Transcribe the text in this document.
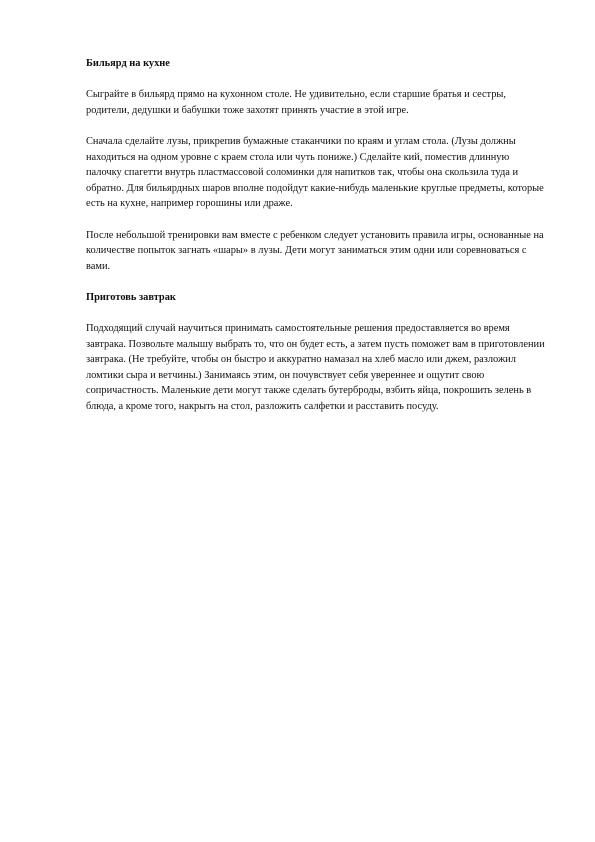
Бильярд на кухне
Сыграйте в бильярд прямо на кухонном столе. Не удивительно, если старшие братья и сестры, родители, дедушки и бабушки тоже захотят принять участие в этой игре.
Сначала сделайте лузы, прикрепив бумажные стаканчики по краям и углам стола. (Лузы должны находиться на одном уровне с краем стола или чуть пониже.) Сделайте кий, поместив длинную палочку спагетти внутрь пластмассовой соломинки для напитков так, чтобы она скользила туда и обратно. Для бильярдных шаров вполне подойдут какие-нибудь маленькие круглые предметы, которые есть на кухне, например горошины или драже.
После небольшой тренировки вам вместе с ребенком следует установить правила игры, основанные на количестве попыток загнать «шары» в лузы. Дети могут заниматься этим одни или соревноваться с вами.
Приготовь завтрак
Подходящий случай научиться принимать самостоятельные решения предоставляется во время завтрака. Позвольте малышу выбрать то, что он будет есть, а затем пусть поможет вам в приготовлении завтрака. (Не требуйте, чтобы он быстро и аккуратно намазал на хлеб масло или джем, разложил ломтики сыра и ветчины.) Занимаясь этим, он почувствует себя увереннее и ощутит свою сопричастность. Маленькие дети могут также сделать бутерброды, взбить яйца, покрошить зелень в блюда, а кроме того, накрыть на стол, разложить салфетки и расставить посуду.
